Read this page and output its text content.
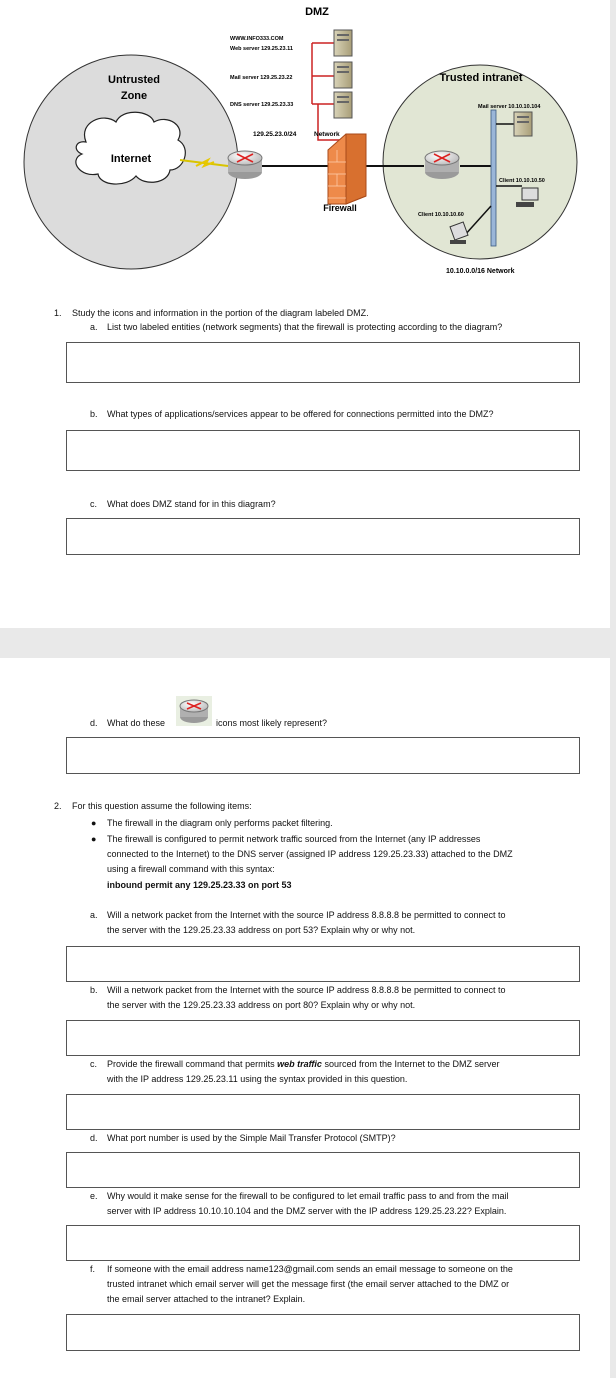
DMZ
WWW.INFO333.COM
Web server 129.25.23.11
Mail server 129.25.23.22
DNS server 129.25.23.33
129.25.23.0/24	Network
Firewall
Untrusted
Zone
Internet
Trusted intranet
Mail server 10.10.10.104
Client 10.10.10.50
Client 10.10.10.60
10.10.0.0/16 Network
1. Study the icons and information in the portion of the diagram labeled DMZ.
a. List two labeled entities (network segments) that the firewall is protecting according to the diagram?
b. What types of applications/services appear to be offered for connections permitted into the DMZ?
c. What does DMZ stand for in this diagram?
d. What do these	icons most likely represent?
2. For this question assume the following items:
● The firewall in the diagram only performs packet filtering.
● The firewall is configured to permit network traffic sourced from the Internet (any IP addresses
connected to the Internet) to the DNS server (assigned IP address 129.25.23.33) attached to the DMZ
using a firewall command with this syntax:
inbound permit any 129.25.23.33 on port 53
a. Will a network packet from the Internet with the source IP address 8.8.8.8 be permitted to connect to
the server with the 129.25.23.33 address on port 53? Explain why or why not.
b. Will a network packet from the Internet with the source IP address 8.8.8.8 be permitted to connect to
the server with the 129.25.23.33 address on port 80? Explain why or why not.
c. Provide the firewall command that permits web traffic sourced from the Internet to the DMZ server
with the IP address 129.25.23.11 using the syntax provided in this question.
d. What port number is used by the Simple Mail Transfer Protocol (SMTP)?
e. Why would it make sense for the firewall to be configured to let email traffic pass to and from the mail
server with IP address 10.10.10.104 and the DMZ server with the IP address 129.25.23.22? Explain.
f. If someone with the email address name123@gmail.com sends an email message to someone on the
trusted intranet which email server will get the message first (the email server attached to the DMZ or
the email server attached to the intranet? Explain.
